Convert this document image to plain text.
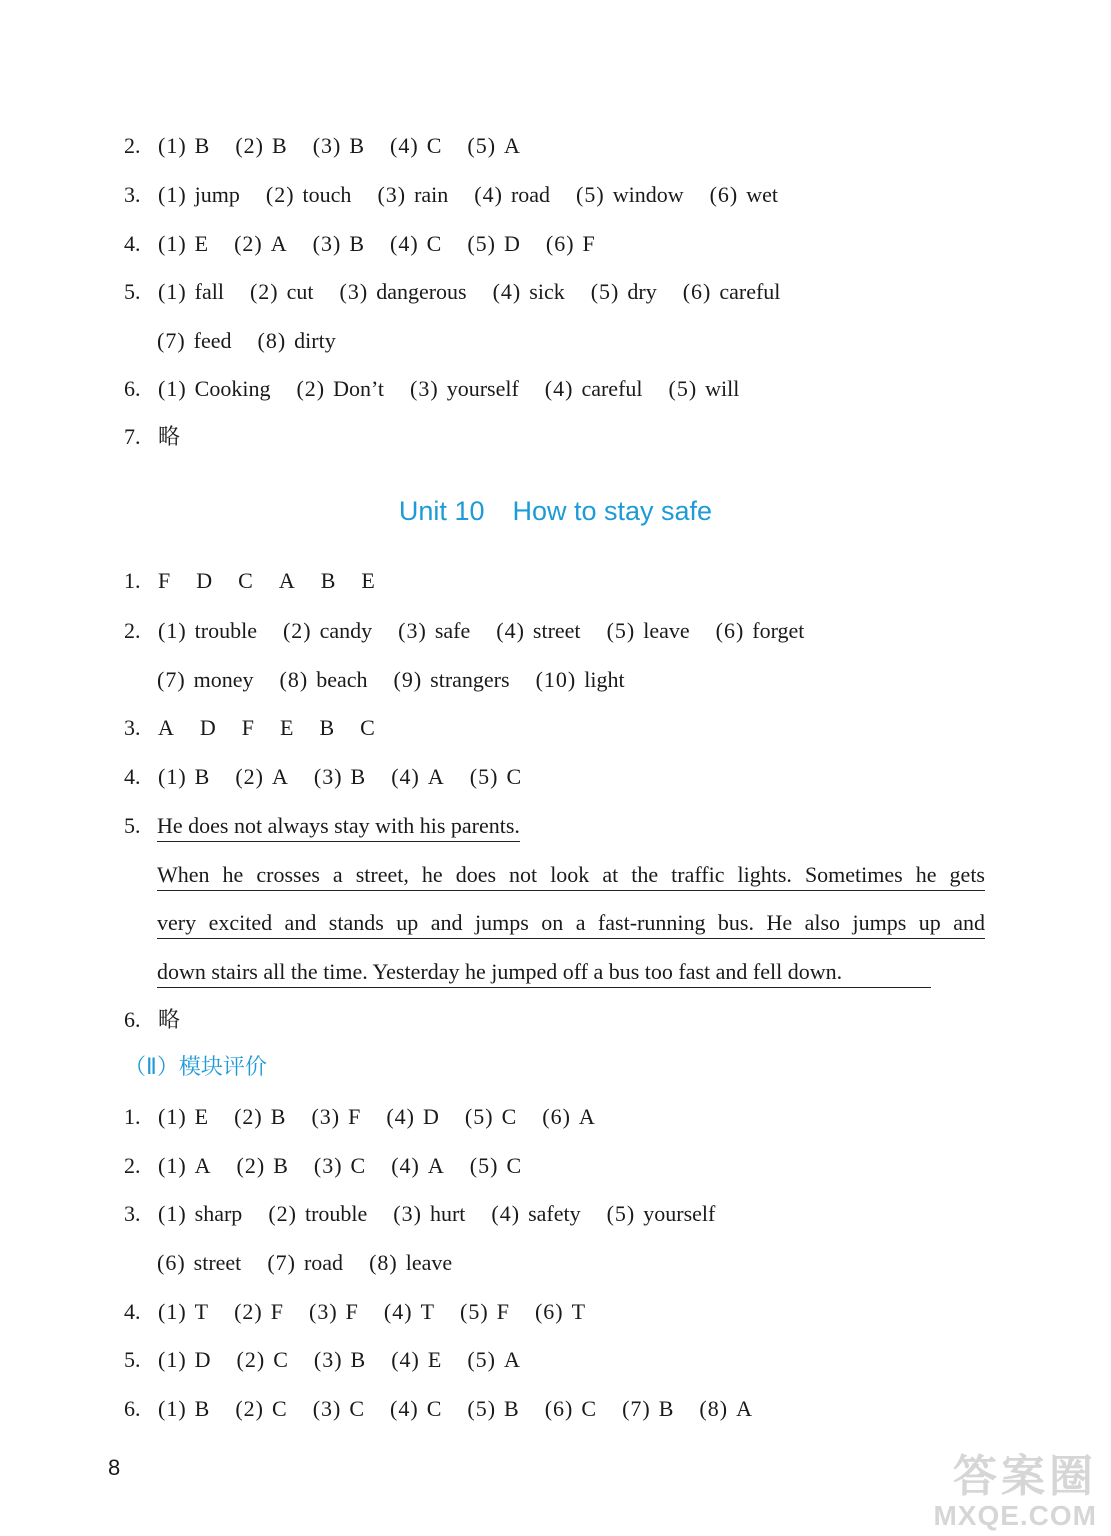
2. (1) B (2) B (3) B (4) C (5) A
3. (1) jump (2) touch (3) rain (4) road (5) window (6) wet
4. (1) E (2) A (3) B (4) C (5) D (6) F
5. (1) fall (2) cut (3) dangerous (4) sick (5) dry (6) careful
(7) feed (8) dirty
6. (1) Cooking (2) Don’t (3) yourself (4) careful (5) will
7. 略
Unit 10 How to stay safe
1. F D C A B E
2. (1) trouble (2) candy (3) safe (4) street (5) leave (6) forget
(7) money (8) beach (9) strangers (10) light
3. A D F E B C
4. (1) B (2) A (3) B (4) A (5) C
5. He does not always stay with his parents.
When he crosses a street, he does not look at the traffic lights. Sometimes he gets
very excited and stands up and jumps on a fast-running bus. He also jumps up and
down stairs all the time. Yesterday he jumped off a bus too fast and fell down.
6. 略
（Ⅱ）模块评价
1. (1) E (2) B (3) F (4) D (5) C (6) A
2. (1) A (2) B (3) C (4) A (5) C
3. (1) sharp (2) trouble (3) hurt (4) safety (5) yourself
(6) street (7) road (8) leave
4. (1) T (2) F (3) F (4) T (5) F (6) T
5. (1) D (2) C (3) B (4) E (5) A
6. (1) B (2) C (3) C (4) C (5) B (6) C (7) B (8) A
8	答案圈
MXQE.COM
